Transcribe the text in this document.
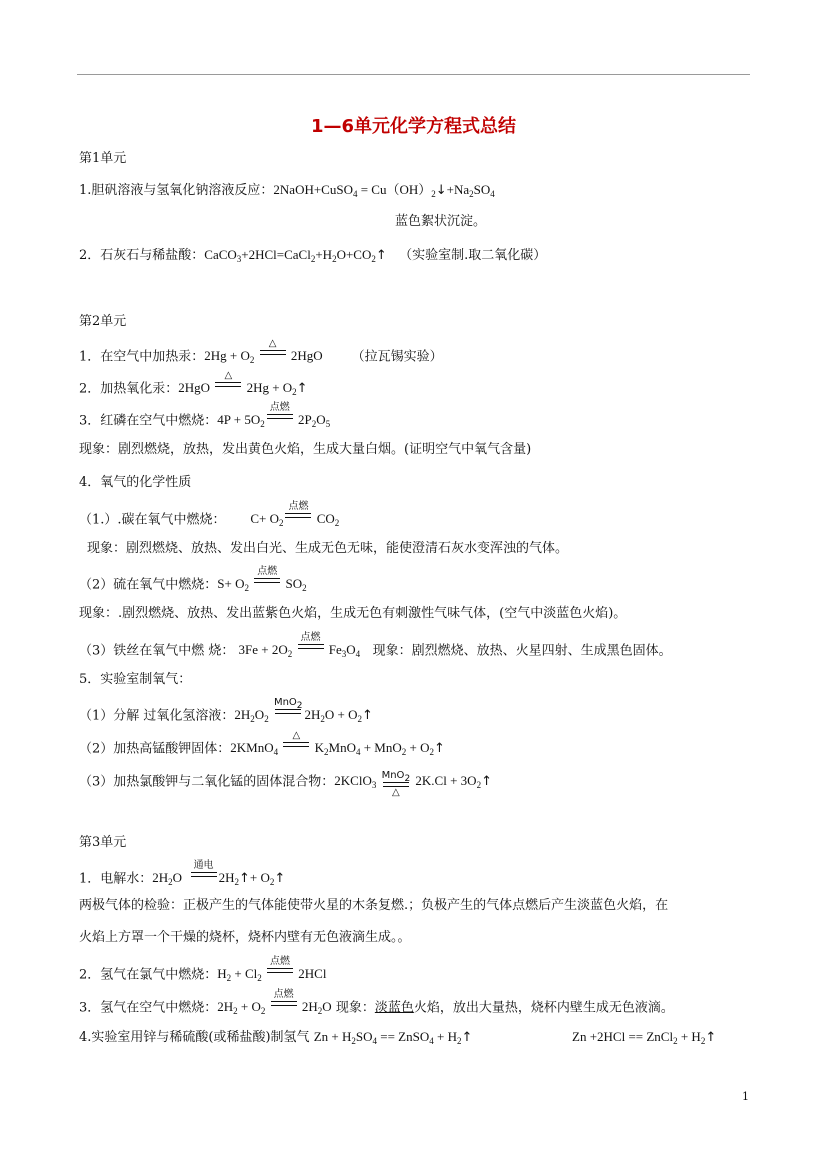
1—6单元化学方程式总结
第1单元
1.胆矾溶液与氢氧化钠溶液反应：2NaOH+CuSO$_4$ = $Cu(OH)_2↓+Na_2SO_4$
蓝色絮状沉淀。
2．石灰石与稀盐酸：$CaCO_3+2HCl=CaCl_2+H_2O+CO_2↑$ （实验室制.取二氧化碳）
第2单元
1．在空气中加热汞：$2Hg + O_2$
△
2HgO （拉瓦锡实验）
2．加热氧化汞：2HgO
△
$2Hg + O_2↑$
3．红磷在空气中燃烧：$4P + 5O_2$
点燃
$2P_2O_5$
现象：剧烈燃烧，放热，发出黄色火焰，生成大量白烟。(证明空气中氧气含量)
4．氧气的化学性质
（1.）.碳在氧气中燃烧： $C+ O_2$
点燃
$CO_2$
现象：剧烈燃烧、放热、发出白光、生成无色无味，能使澄清石灰水变浑浊的气体。
（2）硫在氧气中燃烧：$S+ O_2$
点燃
$SO_2$
现象：.剧烈燃烧、放热、发出蓝紫色火焰，生成无色有刺激性气味气体，(空气中淡蓝色火焰)。
（3）铁丝在氧气中燃 烧： $3Fe + 2O_2$
点燃
$Fe_3O_4$ 现象：剧烈燃烧、放热、火星四射、生成黑色固体。
5．实验室制氧气：
（1）分解 过氧化氢溶液：$2H_2O_2$
MnO$_2$
$2H_2O$ + $O_2↑$
（2）加热高锰酸钾固体：2KMnO$_4$
△
$K_2MnO_4 + MnO_2$ + $O_2↑$
（3）加热氯酸钾与二氧化锰的固体混合物：2KClO$_3$
MnO$_2$
△
$2K.Cl + 3O_2↑$
第3单元
1．电解水：$2H_2O$
通电
$2H_2↑+$ $O_2↑$
两极气体的检验：正极产生的气体能使带火星的木条复燃.；负极产生的气体点燃后产生淡蓝色火焰，在
火焰上方罩一个干燥的烧杯，烧杯内壁有无色液滴生成。。
2．氢气在氯气中燃烧：$H_2 + Cl_2$
点燃
2HCl
3．氢气在空气中燃烧：$2H_2 + O_2$
点燃
$2H_2O$ 现象：淡蓝色火焰，放出大量热，烧杯内壁生成无色液滴。
4.实验室用锌与稀硫酸(或稀盐酸)制氢气 $Zn + H_2SO_4$ == ZnSO$_4$ + $H_2↑$	Zn +2HCl == ZnCl$_2$ + $H_2↑$
1
